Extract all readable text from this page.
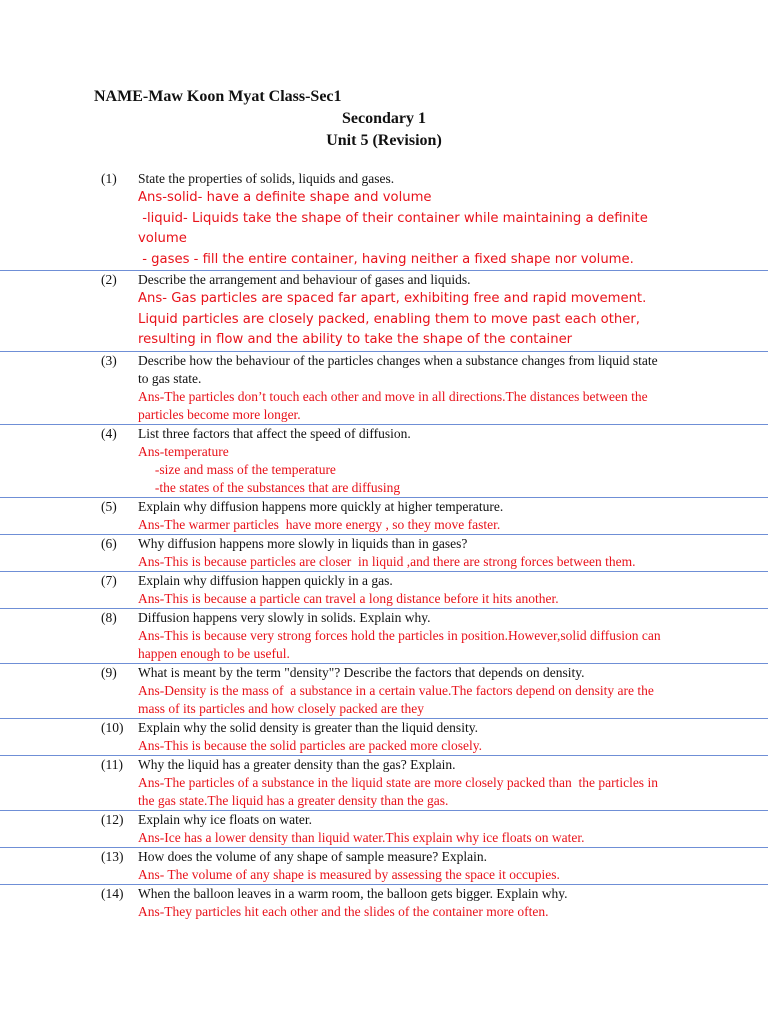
NAME-Maw Koon Myat Class-Sec1
Secondary 1
Unit 5 (Revision)
(1) State the properties of solids, liquids and gases.
Ans-solid- have a definite shape and volume
-liquid- Liquids take the shape of their container while maintaining a definite volume
- gases - fill the entire container, having neither a fixed shape nor volume.
(2) Describe the arrangement and behaviour of gases and liquids.
Ans- Gas particles are spaced far apart, exhibiting free and rapid movement. Liquid particles are closely packed, enabling them to move past each other, resulting in flow and the ability to take the shape of the container
(3) Describe how the behaviour of the particles changes when a substance changes from liquid state to gas state.
Ans-The particles don’t touch each other and move in all directions.The distances between the particles become more longer.
(4) List three factors that affect the speed of diffusion.
Ans-temperature
-size and mass of the temperature
-the states of the substances that are diffusing
(5) Explain why diffusion happens more quickly at higher temperature.
Ans-The warmer particles  have more energy , so they move faster.
(6) Why diffusion happens more slowly in liquids than in gases?
Ans-This is because particles are closer  in liquid ,and there are strong forces between them.
(7) Explain why diffusion happen quickly in a gas.
Ans-This is because a particle can travel a long distance before it hits another.
(8) Diffusion happens very slowly in solids. Explain why.
Ans-This is because very strong forces hold the particles in position.However,solid diffusion can happen enough to be useful.
(9) What is meant by the term "density"? Describe the factors that depends on density.
Ans-Density is the mass of  a substance in a certain value.The factors depend on density are the mass of its particles and how closely packed are they
(10) Explain why the solid density is greater than the liquid density.
Ans-This is because the solid particles are packed more closely.
(11) Why the liquid has a greater density than the gas? Explain.
Ans-The particles of a substance in the liquid state are more closely packed than  the particles in the gas state.The liquid has a greater density than the gas.
(12) Explain why ice floats on water.
Ans-Ice has a lower density than liquid water.This explain why ice floats on water.
(13) How does the volume of any shape of sample measure? Explain.
Ans- The volume of any shape is measured by assessing the space it occupies.
(14) When the balloon leaves in a warm room, the balloon gets bigger. Explain why.
Ans-They particles hit each other and the slides of the container more often.
